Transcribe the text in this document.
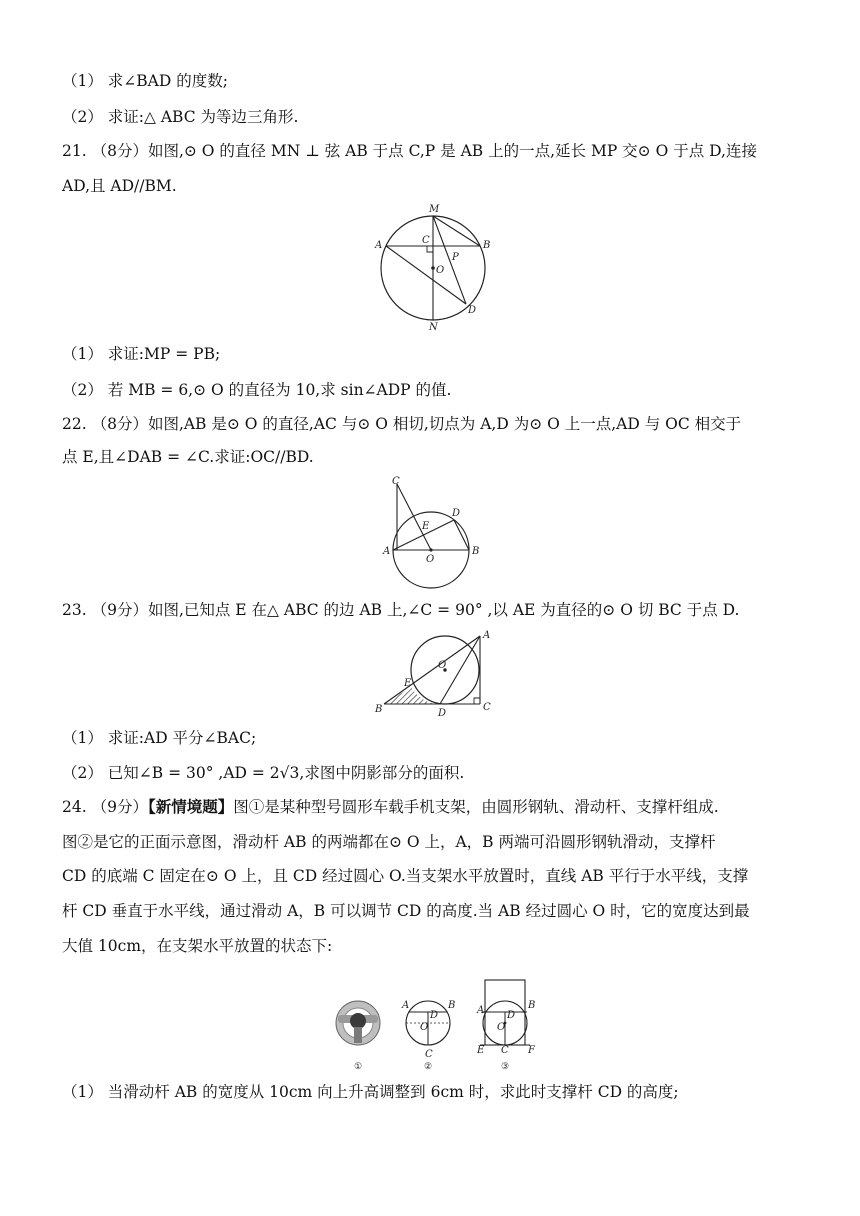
（1） 求∠BAD 的度数;
（2） 求证:△ ABC 为等边三角形.
21. （8分）如图,⊙ O 的直径 MN ⊥ 弦 AB 于点 C,P 是 AB 上的一点,延长 MP 交⊙ O 于点 D,连接
AD,且 AD//BM.
M
A	C	B
P
O
D
N
（1） 求证:MP = PB;
（2） 若 MB = 6,⊙ O 的直径为 10,求 sin∠ADP 的值.
22. （8分）如图,AB 是⊙ O 的直径,AC 与⊙ O 相切,切点为 A,D 为⊙ O 上一点,AD 与 OC 相交于
点 E,且∠DAB = ∠C.求证:OC//BD.
C
E
D
A
O
B
23. （9分）如图,已知点 E 在△ ABC 的边 AB 上,∠C = 90° ,以 AE 为直径的⊙ O 切 BC 于点 D.
A
O
E
B	D
C
（1） 求证:AD 平分∠BAC;
（2） 已知∠B = 30° ,AD = 2√3,求图中阴影部分的面积.
24. （9分）【新情境题】图①是某种型号圆形车载手机支架，由圆形钢轨、滑动杆、支撑杆组成.
图②是它的正面示意图，滑动杆 AB 的两端都在⊙ O 上，A，B 两端可沿圆形钢轨滑动，支撑杆
CD 的底端 C 固定在⊙ O 上，且 CD 经过圆心 O.当支架水平放置时，直线 AB 平行于水平线，支撑
杆 CD 垂直于水平线，通过滑动 A，B 可以调节 CD 的高度.当 AB 经过圆心 O 时，它的宽度达到最
大值 10cm，在支架水平放置的状态下:
A	B
D
O
C
A	B
D
O
E C F
①	②	③
（1） 当滑动杆 AB 的宽度从 10cm 向上升高调整到 6cm 时，求此时支撑杆 CD 的高度;
